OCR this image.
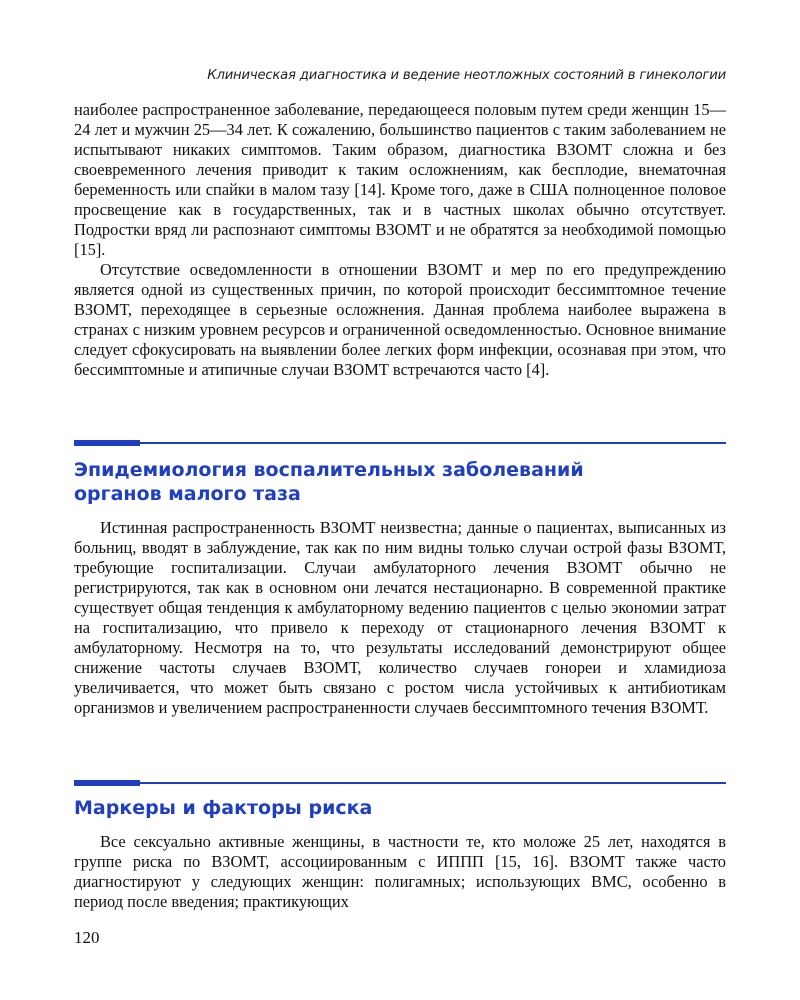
Клиническая диагностика и ведение неотложных состояний в гинекологии

наиболее распространенное заболевание, передающееся половым путем среди женщин 15—24 лет и мужчин 25—34 лет. К сожалению, большинство пациентов с таким заболеванием не испытывают никаких симптомов. Таким образом, диагностика ВЗОМТ сложна и без своевременного лечения приводит к таким осложнениям, как бесплодие, внематочная беременность или спайки в малом тазу [14]. Кроме того, даже в США полноценное половое просвещение как в государственных, так и в частных школах обычно отсутствует. Подростки вряд ли распознают симптомы ВЗОМТ и не обратятся за необходимой помощью [15].

Отсутствие осведомленности в отношении ВЗОМТ и мер по его предупреждению является одной из существенных причин, по которой происходит бессимптомное течение ВЗОМТ, переходящее в серьезные осложнения. Данная проблема наиболее выражена в странах с низким уровнем ресурсов и ограниченной осведомленностью. Основное внимание следует сфокусировать на выявлении более легких форм инфекции, осознавая при этом, что бессимптомные и атипичные случаи ВЗОМТ встречаются часто [4].

Эпидемиология воспалительных заболеваний
органов малого таза

Истинная распространенность ВЗОМТ неизвестна; данные о пациентах, выписанных из больниц, вводят в заблуждение, так как по ним видны только случаи острой фазы ВЗОМТ, требующие госпитализации. Случаи амбулаторного лечения ВЗОМТ обычно не регистрируются, так как в основном они лечатся нестационарно. В современной практике существует общая тенденция к амбулаторному ведению пациентов с целью экономии затрат на госпитализацию, что привело к переходу от стационарного лечения ВЗОМТ к амбулаторному. Несмотря на то, что результаты исследований демонстрируют общее снижение частоты случаев ВЗОМТ, количество случаев гонореи и хламидиоза увеличивается, что может быть связано с ростом числа устойчивых к антибиотикам организмов и увеличением распространенности случаев бессимптомного течения ВЗОМТ.

Маркеры и факторы риска

Все сексуально активные женщины, в частности те, кто моложе 25 лет, находятся в группе риска по ВЗОМТ, ассоциированным с ИППП [15, 16]. ВЗОМТ также часто диагностируют у следующих женщин: полигамных; использующих ВМС, особенно в период после введения; практикующих

120
